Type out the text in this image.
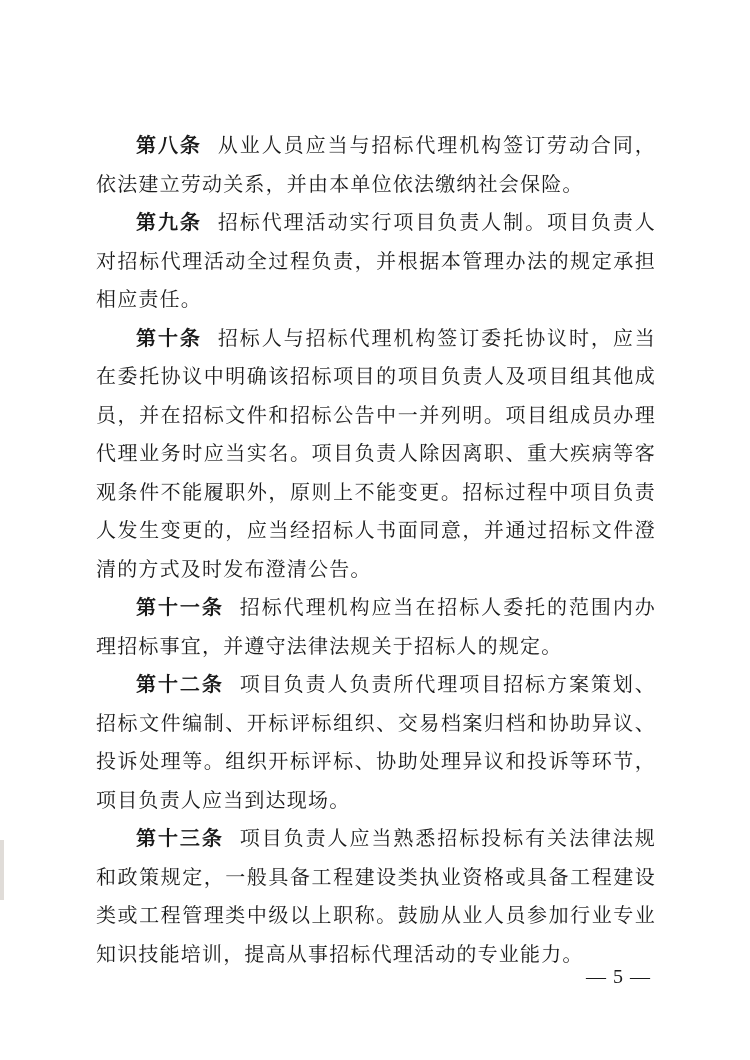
第八条 从业人员应当与招标代理机构签订劳动合同，依法建立劳动关系，并由本单位依法缴纳社会保险。

第九条 招标代理活动实行项目负责人制。项目负责人对招标代理活动全过程负责，并根据本管理办法的规定承担相应责任。

第十条 招标人与招标代理机构签订委托协议时，应当在委托协议中明确该招标项目的项目负责人及项目组其他成员，并在招标文件和招标公告中一并列明。项目组成员办理代理业务时应当实名。项目负责人除因离职、重大疾病等客观条件不能履职外，原则上不能变更。招标过程中项目负责人发生变更的，应当经招标人书面同意，并通过招标文件澄清的方式及时发布澄清公告。

第十一条 招标代理机构应当在招标人委托的范围内办理招标事宜，并遵守法律法规关于招标人的规定。

第十二条 项目负责人负责所代理项目招标方案策划、招标文件编制、开标评标组织、交易档案归档和协助异议、投诉处理等。组织开标评标、协助处理异议和投诉等环节，项目负责人应当到达现场。

第十三条 项目负责人应当熟悉招标投标有关法律法规和政策规定，一般具备工程建设类执业资格或具备工程建设类或工程管理类中级以上职称。鼓励从业人员参加行业专业知识技能培训，提高从事招标代理活动的专业能力。

— 5 —
